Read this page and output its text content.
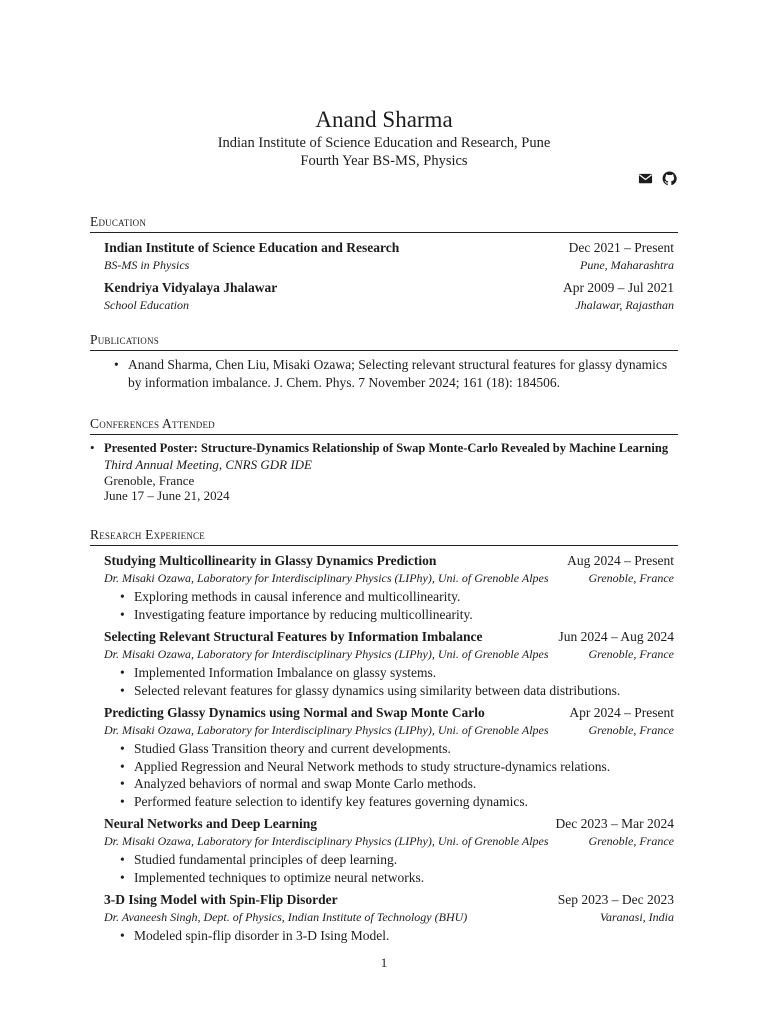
Anand Sharma
Indian Institute of Science Education and Research, Pune
Fourth Year BS-MS, Physics
Education
Indian Institute of Science Education and Research	Dec 2021 – Present
BS-MS in Physics	Pune, Maharashtra
Kendriya Vidyalaya Jhalawar	Apr 2009 – Jul 2021
School Education	Jhalawar, Rajasthan
Publications
• Anand Sharma, Chen Liu, Misaki Ozawa; Selecting relevant structural features for glassy dynamics by information imbalance. J. Chem. Phys. 7 November 2024; 161 (18): 184506.
Conferences Attended
• Presented Poster: Structure-Dynamics Relationship of Swap Monte-Carlo Revealed by Machine Learning
Third Annual Meeting, CNRS GDR IDE
Grenoble, France
June 17 – June 21, 2024
Research Experience
Studying Multicollinearity in Glassy Dynamics Prediction	Aug 2024 – Present
Dr. Misaki Ozawa, Laboratory for Interdisciplinary Physics (LIPhy), Uni. of Grenoble Alpes	Grenoble, France
• Exploring methods in causal inference and multicollinearity.
• Investigating feature importance by reducing multicollinearity.
Selecting Relevant Structural Features by Information Imbalance	Jun 2024 – Aug 2024
Dr. Misaki Ozawa, Laboratory for Interdisciplinary Physics (LIPhy), Uni. of Grenoble Alpes	Grenoble, France
• Implemented Information Imbalance on glassy systems.
• Selected relevant features for glassy dynamics using similarity between data distributions.
Predicting Glassy Dynamics using Normal and Swap Monte Carlo	Apr 2024 – Present
Dr. Misaki Ozawa, Laboratory for Interdisciplinary Physics (LIPhy), Uni. of Grenoble Alpes	Grenoble, France
• Studied Glass Transition theory and current developments.
• Applied Regression and Neural Network methods to study structure-dynamics relations.
• Analyzed behaviors of normal and swap Monte Carlo methods.
• Performed feature selection to identify key features governing dynamics.
Neural Networks and Deep Learning	Dec 2023 – Mar 2024
Dr. Misaki Ozawa, Laboratory for Interdisciplinary Physics (LIPhy), Uni. of Grenoble Alpes	Grenoble, France
• Studied fundamental principles of deep learning.
• Implemented techniques to optimize neural networks.
3-D Ising Model with Spin-Flip Disorder	Sep 2023 – Dec 2023
Dr. Avaneesh Singh, Dept. of Physics, Indian Institute of Technology (BHU)	Varanasi, India
• Modeled spin-flip disorder in 3-D Ising Model.
1
